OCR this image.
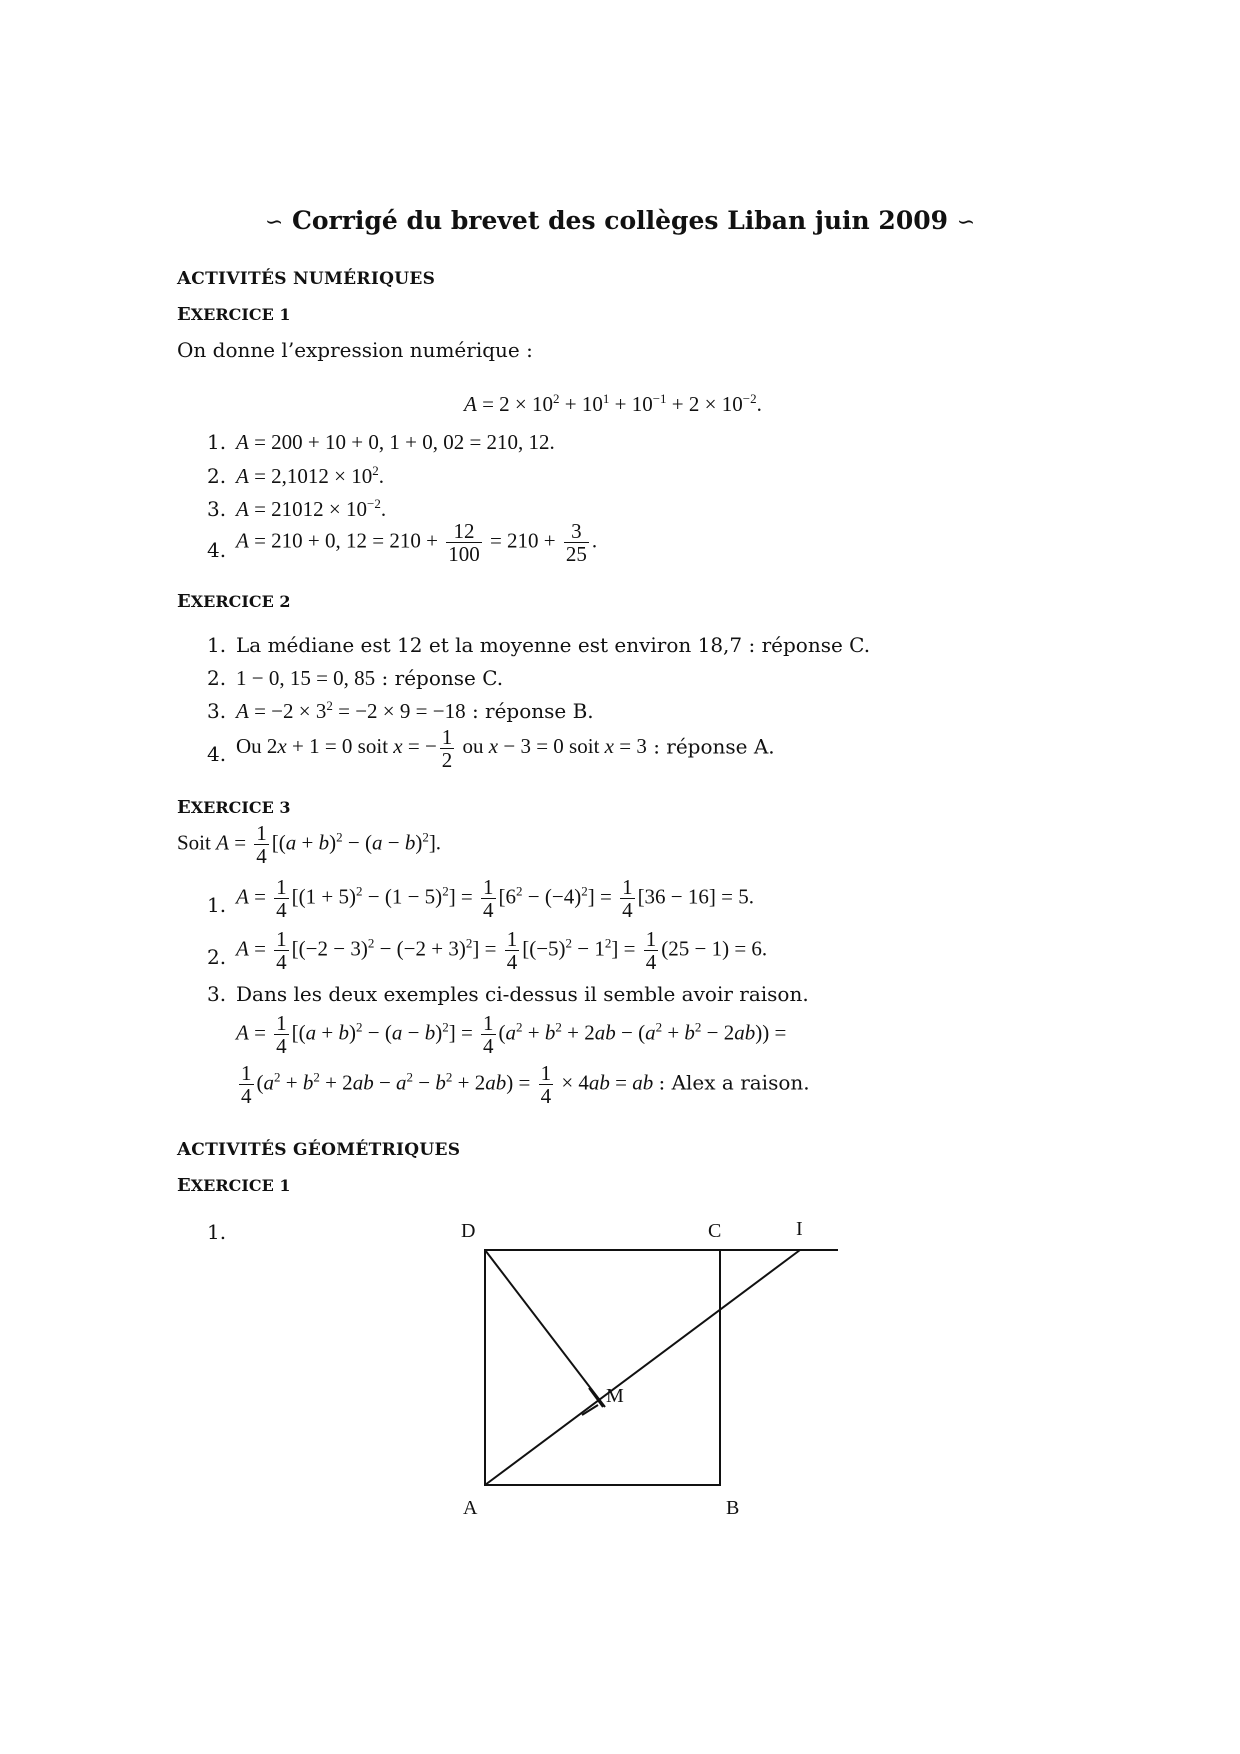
∽ Corrigé du brevet des collèges Liban juin 2009 ∽
ACTIVITÉS NUMÉRIQUES
EXERCICE 1
On donne l’expression numérique :
$A = 2 \times 10^2 + 10^1 + 10^{-1} + 2 \times 10^{-2}$.
1. A = 200 + 10 + 0, 1 + 0, 02 = 210, 12.
2. $A = 2,1012 \times 10^2$.
3. $A = 21012 \times 10^{-2}$.
4. A = 210 + 0, $12 = 210 + \frac{12}{100} = 210 + \frac{3}{25}$ .
EXERCICE 2
1. La médiane est 12 et la moyenne est environ 18,7 : réponse C.
2. 1 − 0, 15 = 0, 85 : réponse C.
3. $A = -2 \times 3^2 = -2 \times 9 = -18$ : réponse B.
4. Ou 2x + 1 = 0 soit x = − $\frac{1}{2}$ ou x − 3 = 0 soit x = 3 : réponse A.
EXERCICE 3
Soit $A = \frac{1}{4} [(a + b)^2 - (a - b)^2]$.
1. $A = \frac{1}{4} [(1 + 5)^2 - (1 - 5)^2] = \frac{1}{4} [6^2 - (-4)^2] = \frac{1}{4} [36 - 16] = 5$.
2. $A = \frac{1}{4} [(-2 - 3)^2 - (-2 + 3)^2] = \frac{1}{4} [(-5)^2 - 1^2] = \frac{1}{4} (25 - 1) = 6$.
3. Dans les deux exemples ci-dessus il semble avoir raison.
$A = \frac{1}{4} [(a + b)^2 - (a - b)^2] = \frac{1}{4} (a^2 + b^2 + 2ab - (a^2 + b^2 - 2ab))$ =
$\frac{1}{4} (a^2 + b^2 + 2ab - a^2 - b^2 + 2ab) = \frac{1}{4} \times 4ab$ = ab : Alex a raison.
ACTIVITÉS GÉOMÉTRIQUES
EXERCICE 1
1.	D	C	I
M
A	B
